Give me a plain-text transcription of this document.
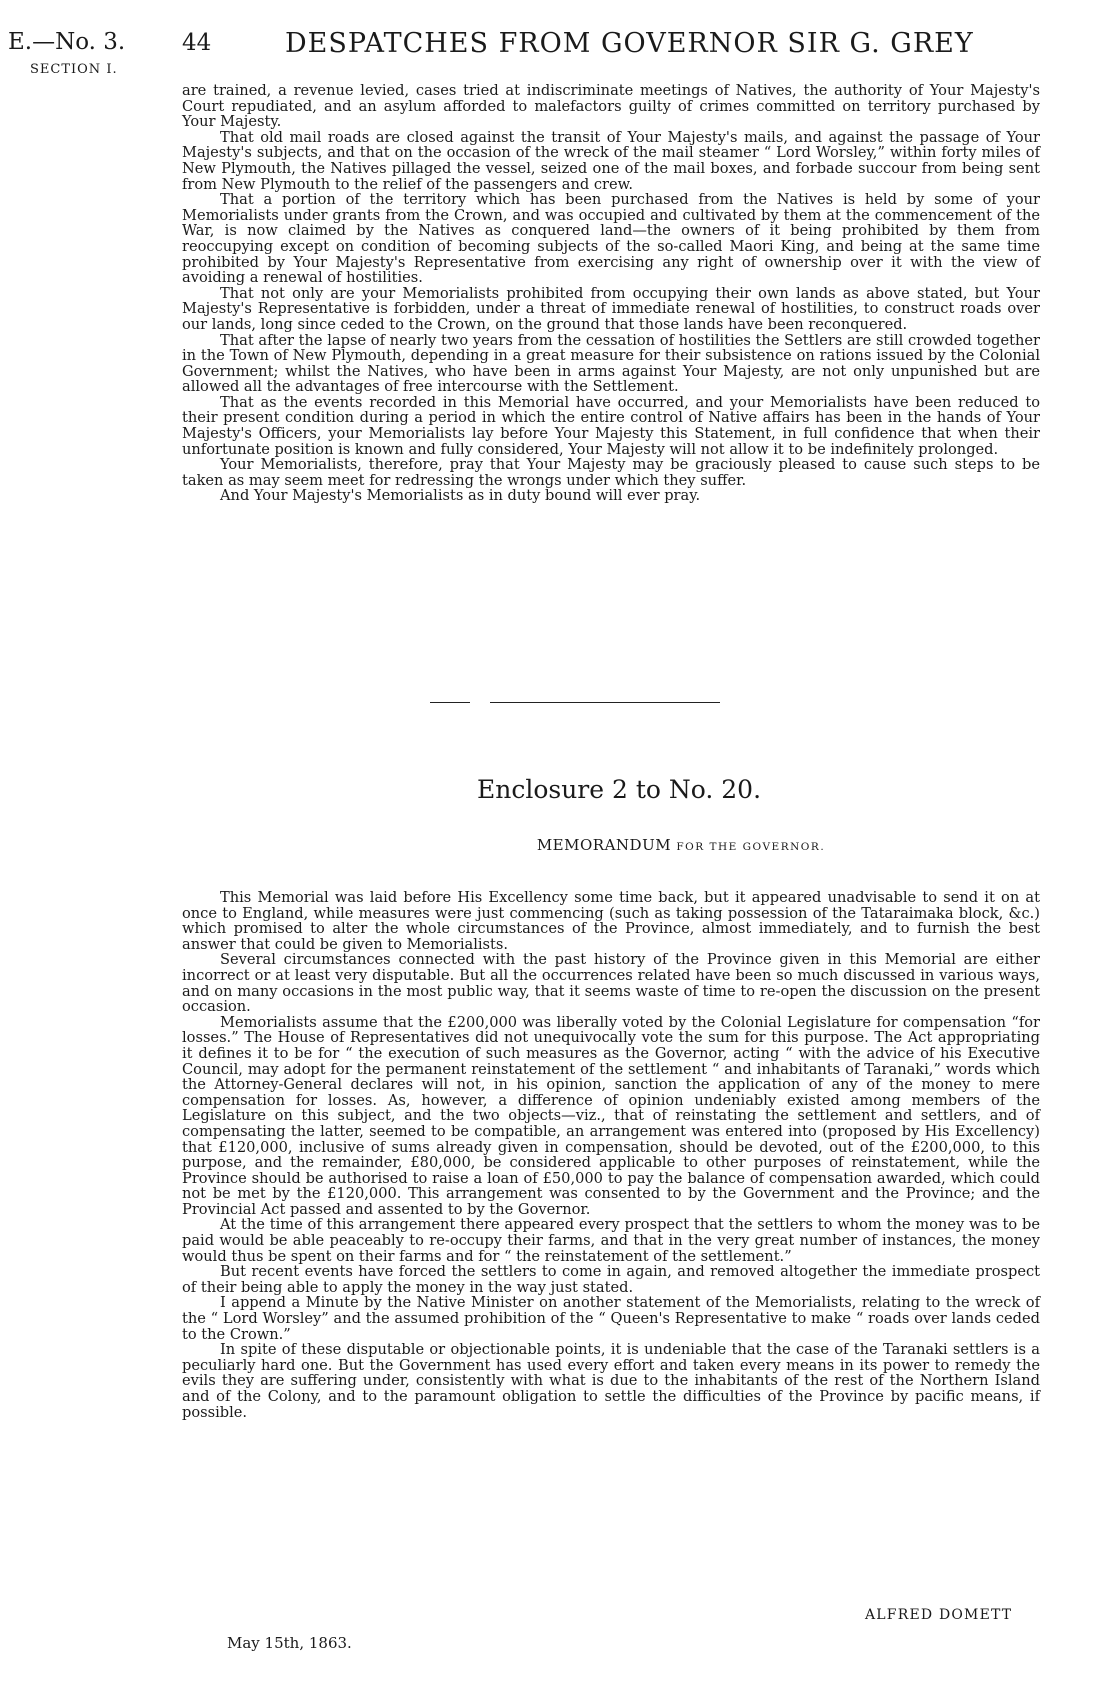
E.—No. 3.
SECTION I.
44	DESPATCHES FROM GOVERNOR SIR G. GREY

are trained, a revenue levied, cases tried at indiscriminate meetings of Natives, the authority of Your Majesty's Court repudiated, and an asylum afforded to malefactors guilty of crimes committed on territory purchased by Your Majesty.

That old mail roads are closed against the transit of Your Majesty's mails, and against the passage of Your Majesty's subjects, and that on the occasion of the wreck of the mail steamer “ Lord Worsley,” within forty miles of New Plymouth, the Natives pillaged the vessel, seized one of the mail boxes, and forbade succour from being sent from New Plymouth to the relief of the passengers and crew.

That a portion of the territory which has been purchased from the Natives is held by some of your Memorialists under grants from the Crown, and was occupied and cultivated by them at the commencement of the War, is now claimed by the Natives as conquered land—the owners of it being prohibited by them from reoccupying except on condition of becoming subjects of the so-called Maori King, and being at the same time prohibited by Your Majesty's Representative from exercising any right of ownership over it with the view of avoiding a renewal of hostilities.

That not only are your Memorialists prohibited from occupying their own lands as above stated, but Your Majesty's Representative is forbidden, under a threat of immediate renewal of hostilities, to construct roads over our lands, long since ceded to the Crown, on the ground that those lands have been reconquered.

That after the lapse of nearly two years from the cessation of hostilities the Settlers are still crowded together in the Town of New Plymouth, depending in a great measure for their subsistence on rations issued by the Colonial Government; whilst the Natives, who have been in arms against Your Majesty, are not only unpunished but are allowed all the advantages of free intercourse with the Settlement.

That as the events recorded in this Memorial have occurred, and your Memorialists have been reduced to their present condition during a period in which the entire control of Native affairs has been in the hands of Your Majesty's Officers, your Memorialists lay before Your Majesty this Statement, in full confidence that when their unfortunate position is known and fully considered, Your Majesty will not allow it to be indefinitely prolonged.

Your Memorialists, therefore, pray that Your Majesty may be graciously pleased to cause such steps to be taken as may seem meet for redressing the wrongs under which they suffer.

And Your Majesty's Memorialists as in duty bound will ever pray.

Enclosure 2 to No. 20.
MEMORANDUM FOR THE GOVERNOR.

This Memorial was laid before His Excellency some time back, but it appeared unadvisable to send it on at once to England, while measures were just commencing (such as taking possession of the Tataraimaka block, &c.) which promised to alter the whole circumstances of the Province, almost immediately, and to furnish the best answer that could be given to Memorialists.

Several circumstances connected with the past history of the Province given in this Memorial are either incorrect or at least very disputable. But all the occurrences related have been so much discussed in various ways, and on many occasions in the most public way, that it seems waste of time to re-open the discussion on the present occasion.

Memorialists assume that the £200,000 was liberally voted by the Colonial Legislature for compensation “for losses.” The House of Representatives did not unequivocally vote the sum for this purpose. The Act appropriating it defines it to be for “ the execution of such measures as the Governor, acting “ with the advice of his Executive Council, may adopt for the permanent reinstatement of the settlement “ and inhabitants of Taranaki,” words which the Attorney-General declares will not, in his opinion, sanction the application of any of the money to mere compensation for losses. As, however, a difference of opinion undeniably existed among members of the Legislature on this subject, and the two objects—viz., that of reinstating the settlement and settlers, and of compensating the latter, seemed to be compatible, an arrangement was entered into (proposed by His Excellency) that £120,000, inclusive of sums already given in compensation, should be devoted, out of the £200,000, to this purpose, and the remainder, £80,000, be considered applicable to other purposes of reinstatement, while the Province should be authorised to raise a loan of £50,000 to pay the balance of compensation awarded, which could not be met by the £120,000. This arrangement was consented to by the Government and the Province; and the Provincial Act passed and assented to by the Governor.

At the time of this arrangement there appeared every prospect that the settlers to whom the money was to be paid would be able peaceably to re-occupy their farms, and that in the very great number of instances, the money would thus be spent on their farms and for “ the reinstatement of the settlement.”

But recent events have forced the settlers to come in again, and removed altogether the immediate prospect of their being able to apply the money in the way just stated.

I append a Minute by the Native Minister on another statement of the Memorialists, relating to the wreck of the “ Lord Worsley” and the assumed prohibition of the “ Queen's Representative to make “ roads over lands ceded to the Crown.”

In spite of these disputable or objectionable points, it is undeniable that the case of the Taranaki settlers is a peculiarly hard one. But the Government has used every effort and taken every means in its power to remedy the evils they are suffering under, consistently with what is due to the inhabitants of the rest of the Northern Island and of the Colony, and to the paramount obligation to settle the difficulties of the Province by pacific means, if possible.

ALFRED DOMETT
May 15th, 1863.
